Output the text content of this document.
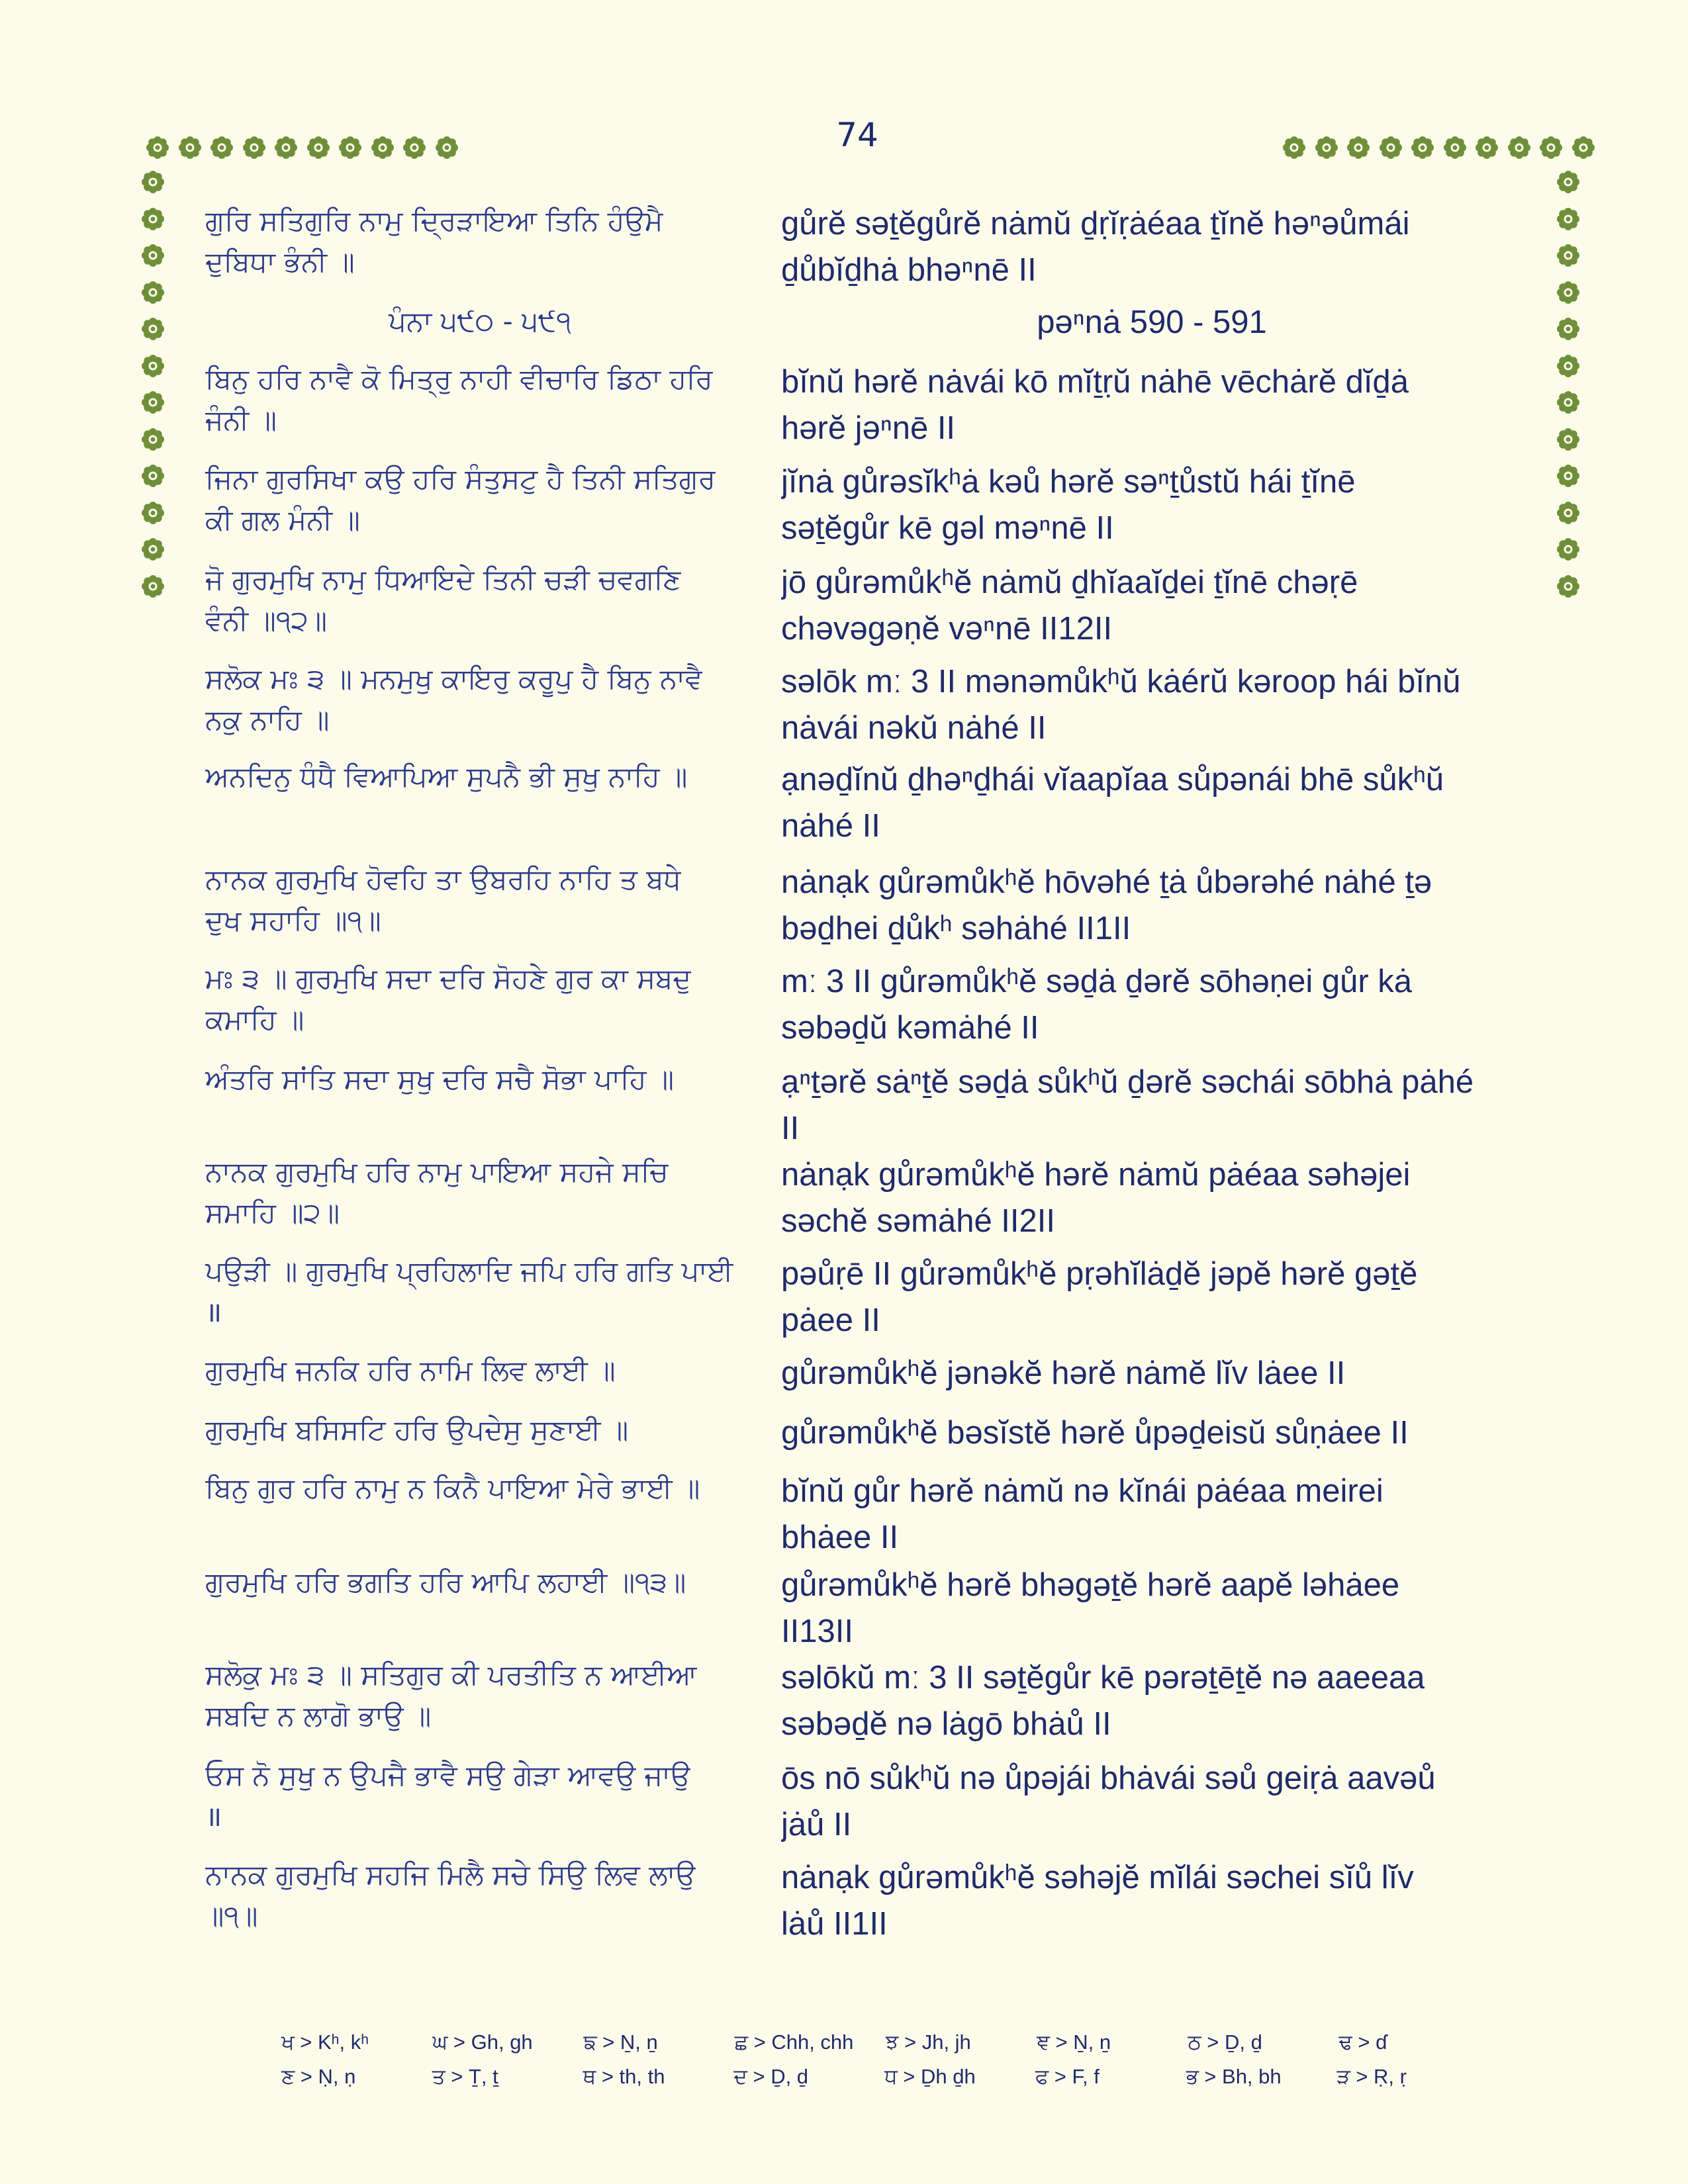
74
ਗੁਰਿ ਸਤਿਗੁਰਿ ਨਾਮੁ ਦ੍ਰਿੜਾਇਆ ਤਿਨਿ ਹੰਉਮੈ
ਦੁਬਿਧਾ ਭੰਨੀ ॥
ਪੰਨਾ ੫੯੦ - ੫੯੧
ਬਿਨੁ ਹਰਿ ਨਾਵੈ ਕੋ ਮਿਤ੍ਰੁ ਨਾਹੀ ਵੀਚਾਰਿ ਡਿਠਾ ਹਰਿ
ਜੰਨੀ ॥
ਜਿਨਾ ਗੁਰਸਿਖਾ ਕਉ ਹਰਿ ਸੰਤੁਸਟੁ ਹੈ ਤਿਨੀ ਸਤਿਗੁਰ
ਕੀ ਗਲ ਮੰਨੀ ॥
ਜੋ ਗੁਰਮੁਖਿ ਨਾਮੁ ਧਿਆਇਦੇ ਤਿਨੀ ਚੜੀ ਚਵਗਣਿ
ਵੰਨੀ ॥੧੨॥
ਸਲੋਕ ਮਃ ੩ ॥ ਮਨਮੁਖੁ ਕਾਇਰੁ ਕਰੂਪੁ ਹੈ ਬਿਨੁ ਨਾਵੈ
ਨਕੁ ਨਾਹਿ ॥
ਅਨਦਿਨੁ ਧੰਧੈ ਵਿਆਪਿਆ ਸੁਪਨੈ ਭੀ ਸੁਖੁ ਨਾਹਿ ॥
ਨਾਨਕ ਗੁਰਮੁਖਿ ਹੋਵਹਿ ਤਾ ਉਬਰਹਿ ਨਾਹਿ ਤ ਬਧੇ
ਦੁਖ ਸਹਾਹਿ ॥੧॥
ਮਃ ੩ ॥ ਗੁਰਮੁਖਿ ਸਦਾ ਦਰਿ ਸੋਹਣੇ ਗੁਰ ਕਾ ਸਬਦੁ
ਕਮਾਹਿ ॥
ਅੰਤਰਿ ਸਾਂਤਿ ਸਦਾ ਸੁਖੁ ਦਰਿ ਸਚੈ ਸੋਭਾ ਪਾਹਿ ॥
ਨਾਨਕ ਗੁਰਮੁਖਿ ਹਰਿ ਨਾਮੁ ਪਾਇਆ ਸਹਜੇ ਸਚਿ
ਸਮਾਹਿ ॥੨॥
ਪਉੜੀ ॥ ਗੁਰਮੁਖਿ ਪ੍ਰਹਿਲਾਦਿ ਜਪਿ ਹਰਿ ਗਤਿ ਪਾਈ
॥
ਗੁਰਮੁਖਿ ਜਨਕਿ ਹਰਿ ਨਾਮਿ ਲਿਵ ਲਾਈ ॥
ਗੁਰਮੁਖਿ ਬਸਿਸਟਿ ਹਰਿ ਉਪਦੇਸੁ ਸੁਣਾਈ ॥
ਬਿਨੁ ਗੁਰ ਹਰਿ ਨਾਮੁ ਨ ਕਿਨੈ ਪਾਇਆ ਮੇਰੇ ਭਾਈ ॥
ਗੁਰਮੁਖਿ ਹਰਿ ਭਗਤਿ ਹਰਿ ਆਪਿ ਲਹਾਈ ॥੧੩॥
ਸਲੋਕੁ ਮਃ ੩ ॥ ਸਤਿਗੁਰ ਕੀ ਪਰਤੀਤਿ ਨ ਆਈਆ
ਸਬਦਿ ਨ ਲਾਗੋ ਭਾਉ ॥
ਓਸ ਨੋ ਸੁਖੁ ਨ ਉਪਜੈ ਭਾਵੈ ਸਉ ਗੇੜਾ ਆਵਉ ਜਾਉ
॥
ਨਾਨਕ ਗੁਰਮੁਖਿ ਸਹਜਿ ਮਿਲੈ ਸਚੇ ਸਿਉ ਲਿਵ ਲਾਉ
॥੧॥
gůrĕ səṯĕgůrĕ nȧmŭ ḏṛĭṛȧéaa ṯĭnĕ həⁿəůmái
ḏůbĭḏhȧ bhəⁿnē II
pəⁿnȧ 590 - 591
bĭnŭ hərĕ nȧvái kō mĭṯṛŭ nȧhē vēchȧrĕ dĭḏȧ
hərĕ jəⁿnē II
jĭnȧ gůrəsĭkʰȧ kəů hərĕ səⁿṯůstŭ hái ṯĭnē
səṯĕgůr kē gəl məⁿnē II
jō gůrəmůkʰĕ nȧmŭ ḏhĭaaĭḏei ṯĭnē chəṛē
chəvəgəṇĕ vəⁿnē II12II
səlōk mː 3 II mənəmůkʰŭ kȧérŭ kəroop hái bĭnŭ
nȧvái nəkŭ nȧhé II
ạnəḏĭnŭ ḏhəⁿḏhái vĭaapĭaa sůpənái bhē sůkʰŭ
nȧhé II
nȧnạk gůrəmůkʰĕ hōvəhé ṯȧ ůbərəhé nȧhé ṯə
bəḏhei ḏůkʰ səhȧhé II1II
mː 3 II gůrəmůkʰĕ səḏȧ ḏərĕ sōhəṇei gůr kȧ
səbəḏŭ kəmȧhé II
ạⁿṯərĕ sȧⁿṯĕ səḏȧ sůkʰŭ ḏərĕ səchái sōbhȧ pȧhé
II
nȧnạk gůrəmůkʰĕ hərĕ nȧmŭ pȧéaa səhəjei
səchĕ səmȧhé II2II
pəůṛē II gůrəmůkʰĕ pṛəhĭlȧḏĕ jəpĕ hərĕ gəṯĕ
pȧee II
gůrəmůkʰĕ jənəkĕ hərĕ nȧmĕ lĭv lȧee II
gůrəmůkʰĕ bəsĭstĕ hərĕ ůpəḏeisŭ sůṇȧee II
bĭnŭ gůr hərĕ nȧmŭ nə kĭnái pȧéaa meirei
bhȧee II
gůrəmůkʰĕ hərĕ bhəgəṯĕ hərĕ aapĕ ləhȧee
II13II
səlōkŭ mː 3 II səṯĕgůr kē pərəṯēṯĕ nə aaeeaa
səbəḏĕ nə lȧgō bhȧů II
ōs nō sůkʰŭ nə ůpəjái bhȧvái səů geiṛȧ aavəů
jȧů II
nȧnạk gůrəmůkʰĕ səhəjĕ mĭlái səchei sĭů lĭv
lȧů II1II
ਖ > Kʰ, kʰ	ਘ > Gh, gh	ਙ > Ṉ, ṉ	ਛ > Chh, chh	ਝ > Jh, jh	ਞ > Ṉ, ṉ	ਠ > Ḏ, ḏ	ਢ > ɗ
ਣ > Ṇ, ṇ	ਤ > Ṯ, ṯ	ਥ > th, th	ਦ > Ḏ, ḏ	ਧ > Ḏh ḏh	ਫ > F, f	ਭ > Bh, bh	ੜ > Ṛ, ṛ
